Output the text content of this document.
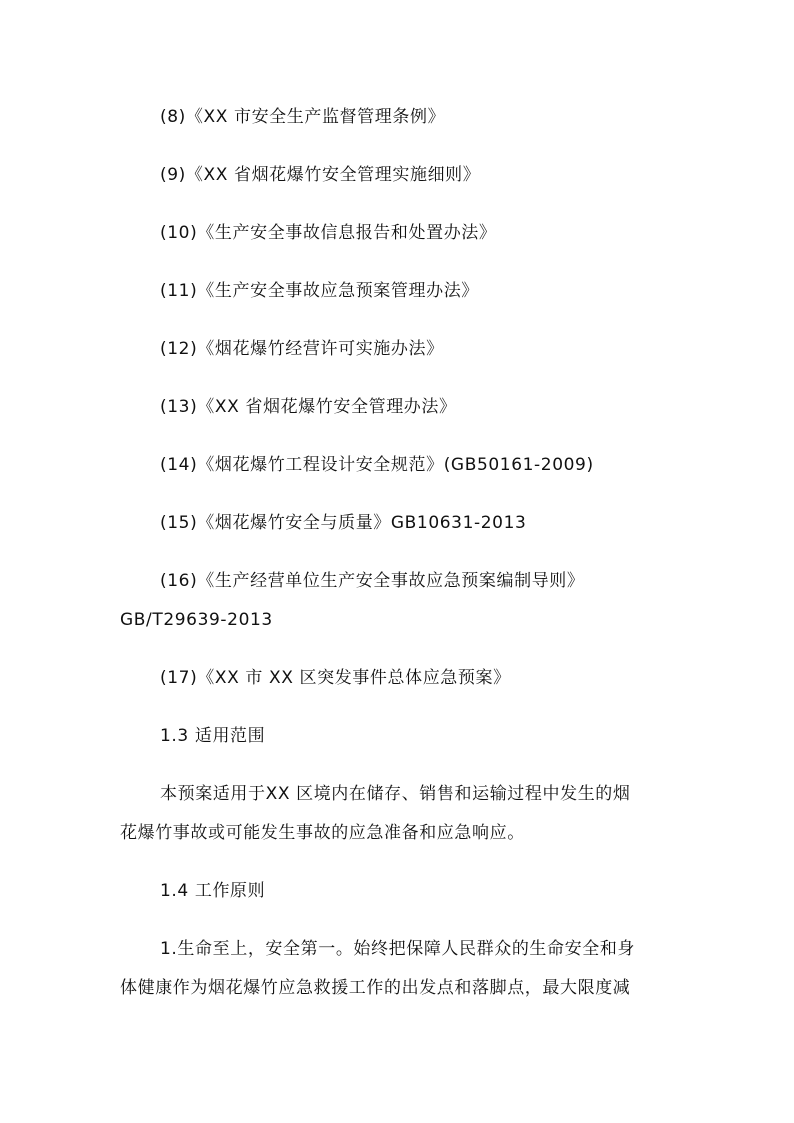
(8)《XX 市安全生产监督管理条例》
(9)《XX 省烟花爆竹安全管理实施细则》
(10)《生产安全事故信息报告和处置办法》
(11)《生产安全事故应急预案管理办法》
(12)《烟花爆竹经营许可实施办法》
(13)《XX 省烟花爆竹安全管理办法》
(14)《烟花爆竹工程设计安全规范》(GB50161-2009)
(15)《烟花爆竹安全与质量》GB10631-2013
(16)《生产经营单位生产安全事故应急预案编制导则》
GB/T29639-2013
(17)《XX 市 XX 区突发事件总体应急预案》
1.3 适用范围
本预案适用于XX 区境内在储存、销售和运输过程中发生的烟
花爆竹事故或可能发生事故的应急准备和应急响应。
1.4 工作原则
1.生命至上，安全第一。始终把保障人民群众的生命安全和身
体健康作为烟花爆竹应急救援工作的出发点和落脚点，最大限度减
